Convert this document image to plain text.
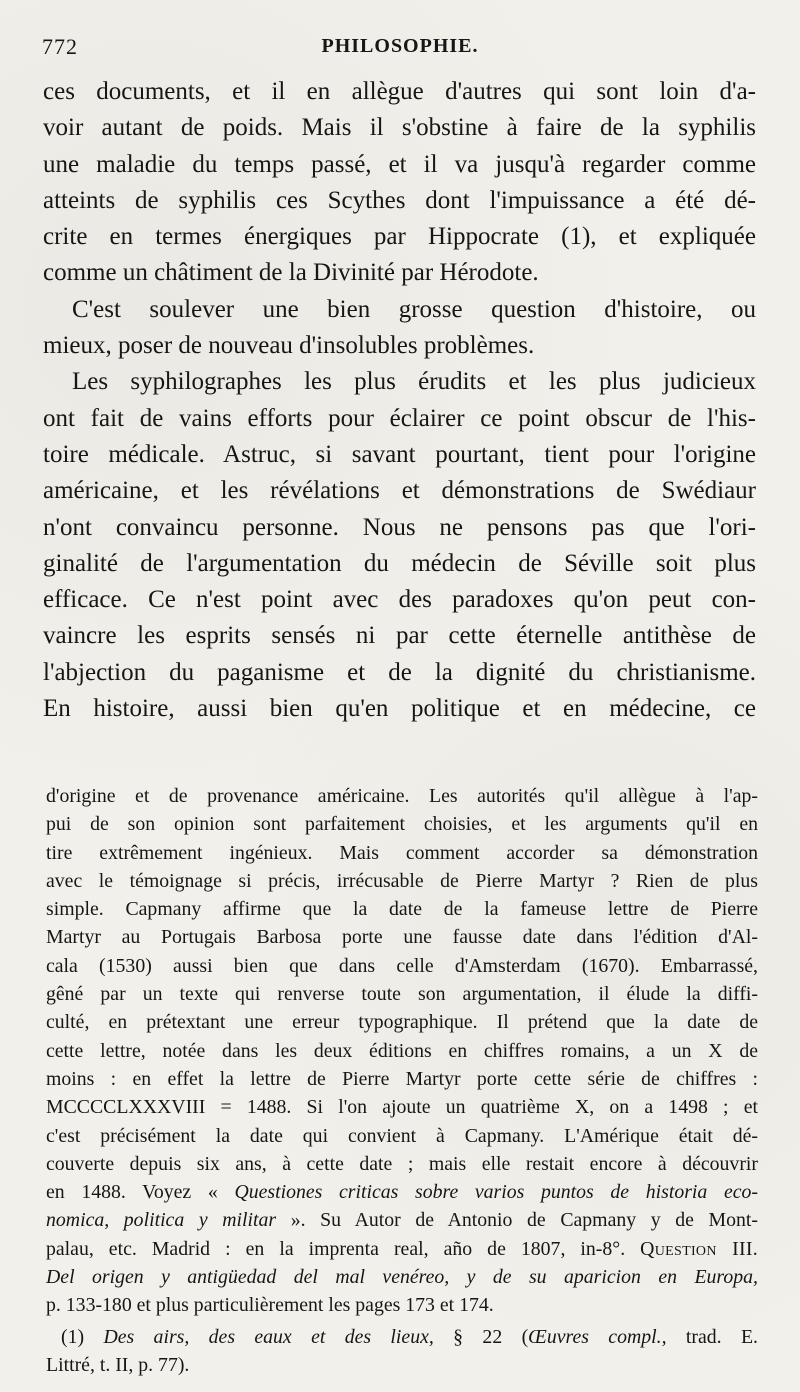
772	PHILOSOPHIE.

ces documents, et il en allègue d'autres qui sont loin d'a-
voir autant de poids. Mais il s'obstine à faire de la syphilis
une maladie du temps passé, et il va jusqu'à regarder comme
atteints de syphilis ces Scythes dont l'impuissance a été dé-
crite en termes énergiques par Hippocrate (1), et expliquée
comme un châtiment de la Divinité par Hérodote.

C'est soulever une bien grosse question d'histoire, ou
mieux, poser de nouveau d'insolubles problèmes.

Les syphilographes les plus érudits et les plus judicieux
ont fait de vains efforts pour éclairer ce point obscur de l'his-
toire médicale. Astruc, si savant pourtant, tient pour l'origine
américaine, et les révélations et démonstrations de Swédiaur
n'ont convaincu personne. Nous ne pensons pas que l'ori-
ginalité de l'argumentation du médecin de Séville soit plus
efficace. Ce n'est point avec des paradoxes qu'on peut con-
vaincre les esprits sensés ni par cette éternelle antithèse de
l'abjection du paganisme et de la dignité du christianisme.
En histoire, aussi bien qu'en politique et en médecine, ce

d'origine et de provenance américaine. Les autorités qu'il allègue à l'ap-
pui de son opinion sont parfaitement choisies, et les arguments qu'il en
tire extrêmement ingénieux. Mais comment accorder sa démonstration
avec le témoignage si précis, irrécusable de Pierre Martyr ? Rien de plus
simple. Capmany affirme que la date de la fameuse lettre de Pierre
Martyr au Portugais Barbosa porte une fausse date dans l'édition d'Al-
cala (1530) aussi bien que dans celle d'Amsterdam (1670). Embarrassé,
gêné par un texte qui renverse toute son argumentation, il élude la diffi-
culté, en prétextant une erreur typographique. Il prétend que la date de
cette lettre, notée dans les deux éditions en chiffres romains, a un X de
moins : en effet la lettre de Pierre Martyr porte cette série de chiffres :
MCCCCLXXXVIII = 1488. Si l'on ajoute un quatrième X, on a 1498 ; et
c'est précisément la date qui convient à Capmany. L'Amérique était dé-
couverte depuis six ans, à cette date ; mais elle restait encore à découvrir
en 1488. Voyez « Questiones criticas sobre varios puntos de historia eco-
nomica, politica y militar ». Su Autor de Antonio de Capmany y de Mont-
palau, etc. Madrid : en la imprenta real, año de 1807, in-8°. Question III.
Del origen y antigüedad del mal venéreo, y de su aparicion en Europa,
p. 133-180 et plus particulièrement les pages 173 et 174.
(1) Des airs, des eaux et des lieux, § 22 (Œuvres compl., trad. E.
Littré, t. II, p. 77).
